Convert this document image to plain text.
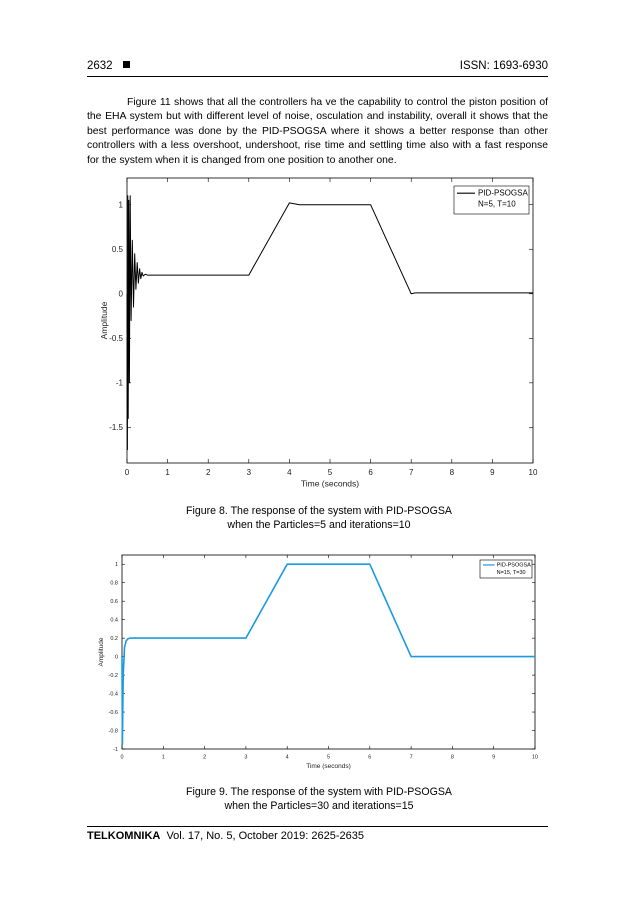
2632	ISSN: 1693-6930

Figure 11 shows that all the controllers ha ve the capability to control the piston position of the EHA system but with different level of noise, osculation and instability, overall it shows that the best performance was done by the PID-PSOGSA where it shows a better response than other controllers with a less overshoot, undershoot, rise time and settling time also with a fast response for the system when it is changed from one position to another one.

0	1	2	3	4	5	6	7	8	9	10
1
0.5
0
-0.5
-1
-1.5
Time (seconds)
Amplitude
PID-PSOGSA
N=5, T=10
Figure 8. The response of the system with PID-PSOGSA
when the Particles=5 and iterations=10
0	1	2	3	4	5	6	7	8	9	10
1
0.8
0.6
0.4
0.2
0
-0.2
-0.4
-0.6
-0.8
-1
Time (seconds)
Amplitude
PID-PSOGSA
N=15, T=30
Figure 9. The response of the system with PID-PSOGSA
when the Particles=30 and iterations=15
TELKOMNIKA Vol. 17, No. 5, October 2019: 2625-2635
